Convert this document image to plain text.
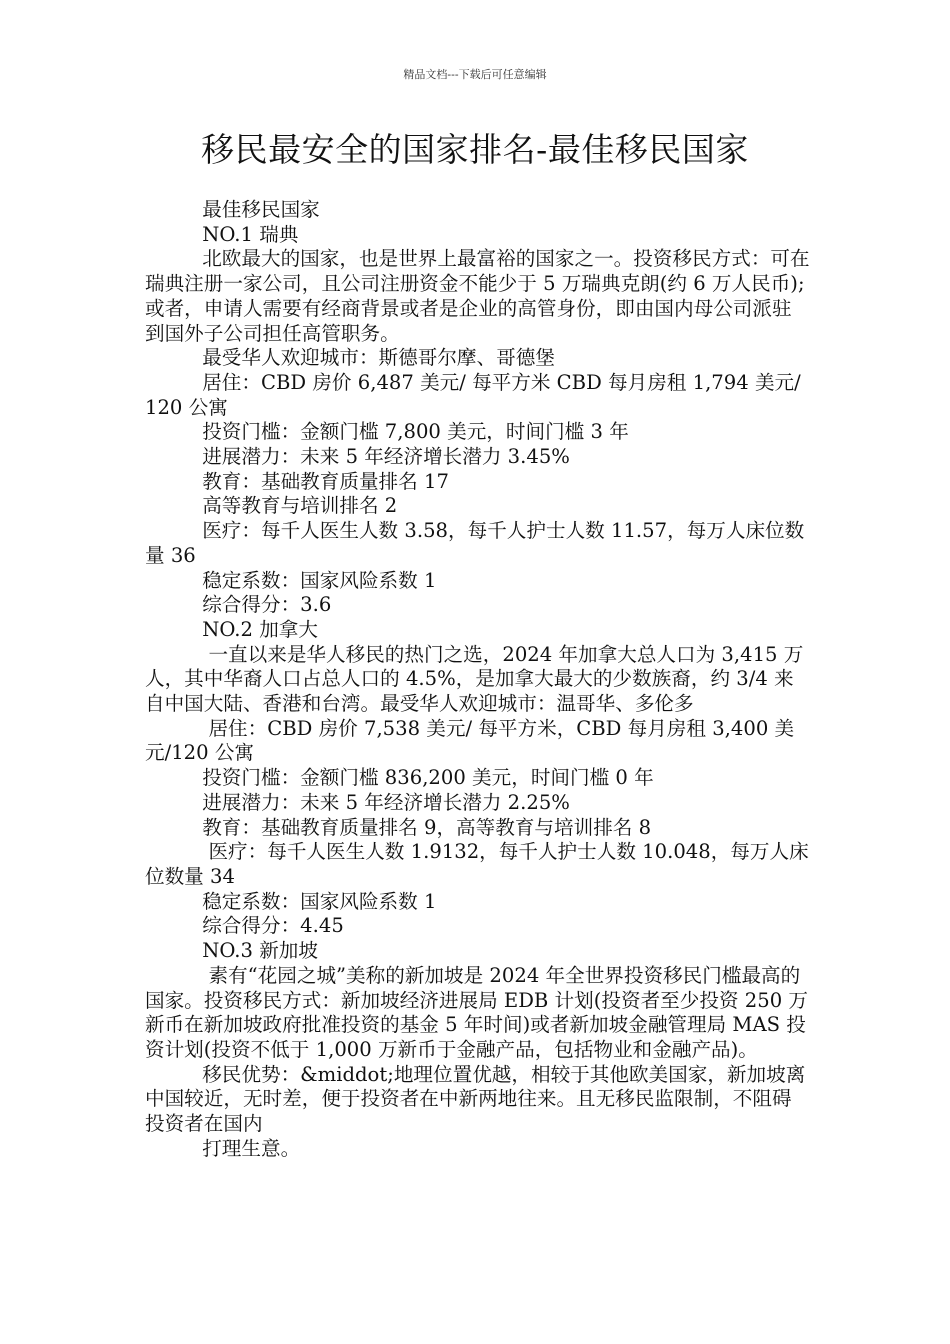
精品文档---下载后可任意编辑
移民最安全的国家排名-最佳移民国家

最佳移民国家

NO.1 瑞典

北欧最大的国家，也是世界上最富裕的国家之一。投资移民方式：可在瑞典注册一家公司，且公司注册资金不能少于 5 万瑞典克朗(约 6 万人民币);或者，申请人需要有经商背景或者是企业的高管身份，即由国内母公司派驻到国外子公司担任高管职务。

最受华人欢迎城市：斯德哥尔摩、哥德堡

居住：CBD 房价 6,487 美元/ 每平方米 CBD 每月房租 1,794 美元/120 公寓

投资门槛：金额门槛 7,800 美元，时间门槛 3 年

进展潜力：未来 5 年经济增长潜力 3.45%

教育：基础教育质量排名 17

高等教育与培训排名 2

医疗：每千人医生人数 3.58，每千人护士人数 11.57，每万人床位数量 36

稳定系数：国家风险系数 1

综合得分：3.6

NO.2 加拿大

一直以来是华人移民的热门之选，2024 年加拿大总人口为 3,415 万人，其中华裔人口占总人口的 4.5%，是加拿大最大的少数族裔，约 3/4 来自中国大陆、香港和台湾。最受华人欢迎城市：温哥华、多伦多

居住：CBD 房价 7,538 美元/ 每平方米，CBD 每月房租 3,400 美元/120 公寓

投资门槛：金额门槛 836,200 美元，时间门槛 0 年

进展潜力：未来 5 年经济增长潜力 2.25%

教育：基础教育质量排名 9，高等教育与培训排名 8

医疗：每千人医生人数 1.9132，每千人护士人数 10.048，每万人床位数量 34

稳定系数：国家风险系数 1

综合得分：4.45

NO.3 新加坡

素有“花园之城”美称的新加坡是 2024 年全世界投资移民门槛最高的国家。投资移民方式：新加坡经济进展局 EDB 计划(投资者至少投资 250 万新币在新加坡政府批准投资的基金 5 年时间)或者新加坡金融管理局 MAS 投资计划(投资不低于 1,000 万新币于金融产品，包括物业和金融产品)。

移民优势：&middot;地理位置优越，相较于其他欧美国家，新加坡离中国较近，无时差，便于投资者在中新两地往来。且无移民监限制，不阻碍投资者在国内

打理生意。
